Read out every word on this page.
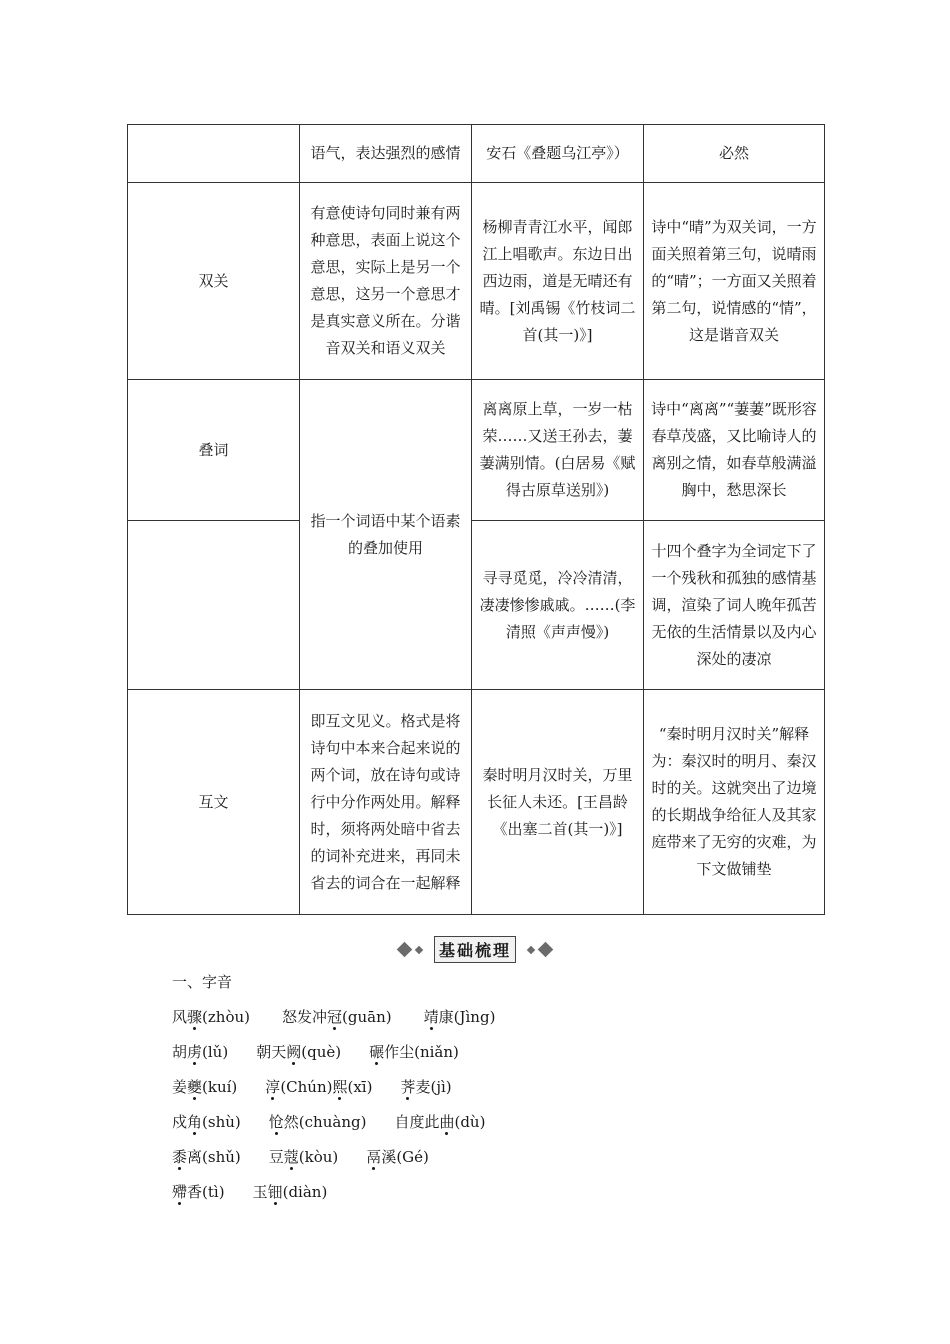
	语气，表达强烈的感情	安石《叠题乌江亭》）	必然
双关	有意使诗句同时兼有两种意思，表面上说这个意思，实际上是另一个意思，这另一个意思才是真实意义所在。分谐音双关和语义双关	杨柳青青江水平，闻郎江上唱歌声。东边日出西边雨，道是无晴还有晴。[刘禹锡《竹枝词二首(其一)》]	诗中“晴”为双关词，一方面关照着第三句，说晴雨的“晴”；一方面又关照着第二句，说情感的“情”，这是谐音双关
叠词	指一个词语中某个语素的叠加使用	离离原上草，一岁一枯荣……又送王孙去，萋萋满别情。(白居易《赋得古原草送别》)	诗中“离离”“萋萋”既形容春草茂盛，又比喻诗人的离别之情，如春草般满溢胸中，愁思深长
		寻寻觅觅，冷冷清清，凄凄惨惨戚戚。……(李清照《声声慢》)	十四个叠字为全词定下了一个残秋和孤独的感情基调，渲染了词人晚年孤苦无依的生活情景以及内心深处的凄凉
互文	即互文见义。格式是将诗句中本来合起来说的两个词，放在诗句或诗行中分作两处用。解释时，须将两处暗中省去的词补充进来，再同未省去的词合在一起解释	秦时明月汉时关，万里长征人未还。[王昌龄《出塞二首(其一)》]	“秦时明月汉时关”解释为：秦汉时的明月、秦汉时的关。这就突出了边境的长期战争给征人及其家庭带来了无穷的灾难，为下文做铺垫
基础梳理
一、字音
风骤(zhòu) 怒发冲冠(guān) 靖康(Jìng)
胡虏(lǔ) 朝天阙(què) 碾作尘(niǎn)
姜夔(kuí) 淳(Chún)熙(xī) 荠麦(jì)
戍角(shù) 怆然(chuàng) 自度此曲(dù)
黍离(shǔ) 豆蔻(kòu) 鬲溪(Gé)
殢香(tì) 玉钿(diàn)
